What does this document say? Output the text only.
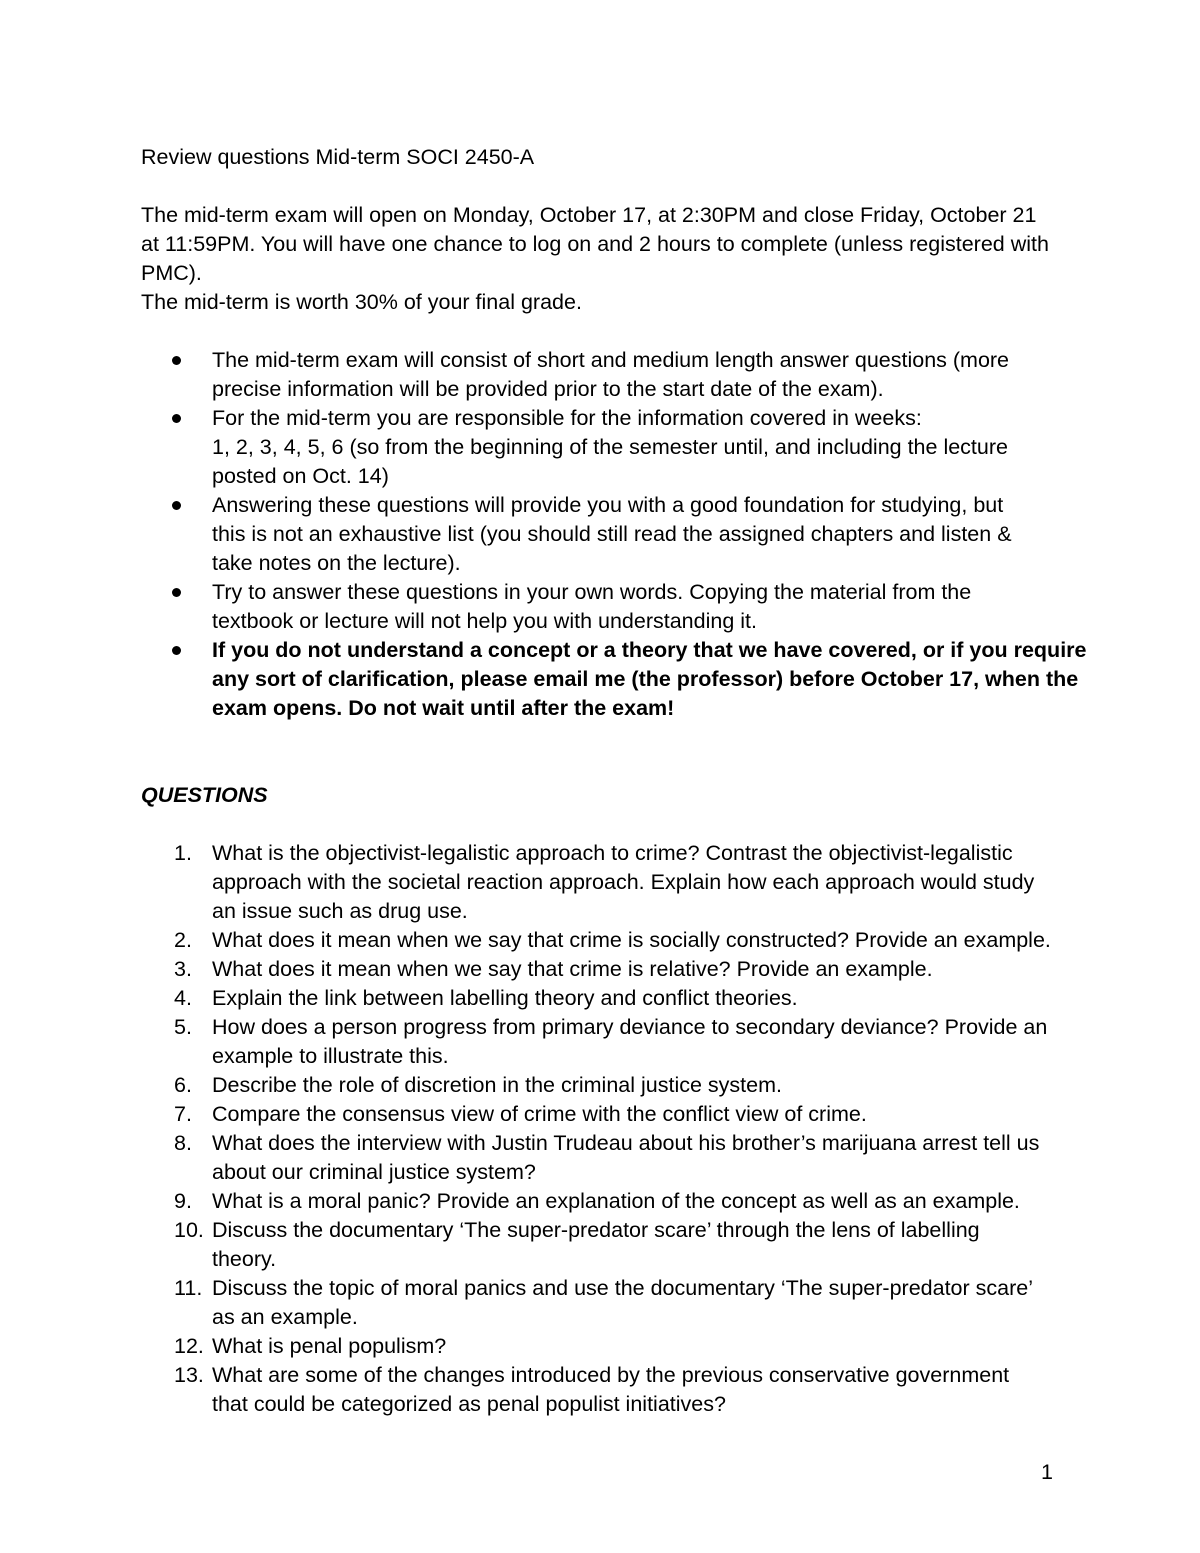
Review questions Mid-term SOCI 2450-A

The mid-term exam will open on Monday, October 17, at 2:30PM and close Friday, October 21

at 11:59PM. You will have one chance to log on and 2 hours to complete (unless registered with

PMC).

The mid-term is worth 30% of your final grade.

The mid-term exam will consist of short and medium length answer questions (more
precise information will be provided prior to the start date of the exam).
For the mid-term you are responsible for the information covered in weeks:
1, 2, 3, 4, 5, 6 (so from the beginning of the semester until, and including the lecture
posted on Oct. 14)
Answering these questions will provide you with a good foundation for studying, but
this is not an exhaustive list (you should still read the assigned chapters and listen &
take notes on the lecture).
Try to answer these questions in your own words. Copying the material from the
textbook or lecture will not help you with understanding it.
If you do not understand a concept or a theory that we have covered, or if you require
any sort of clarification, please email me (the professor) before October 17, when the
exam opens. Do not wait until after the exam!

QUESTIONS

1. What is the objectivist-legalistic approach to crime? Contrast the objectivist-legalistic
approach with the societal reaction approach. Explain how each approach would study
an issue such as drug use.
2. What does it mean when we say that crime is socially constructed? Provide an example.
3. What does it mean when we say that crime is relative? Provide an example.
4. Explain the link between labelling theory and conflict theories.
5. How does a person progress from primary deviance to secondary deviance? Provide an
example to illustrate this.
6. Describe the role of discretion in the criminal justice system.
7. Compare the consensus view of crime with the conflict view of crime.
8. What does the interview with Justin Trudeau about his brother’s marijuana arrest tell us
about our criminal justice system?
9. What is a moral panic? Provide an explanation of the concept as well as an example.
10. Discuss the documentary ‘The super-predator scare’ through the lens of labelling
theory.
11. Discuss the topic of moral panics and use the documentary ‘The super-predator scare’
as an example.
12. What is penal populism?
13. What are some of the changes introduced by the previous conservative government
that could be categorized as penal populist initiatives?
1
